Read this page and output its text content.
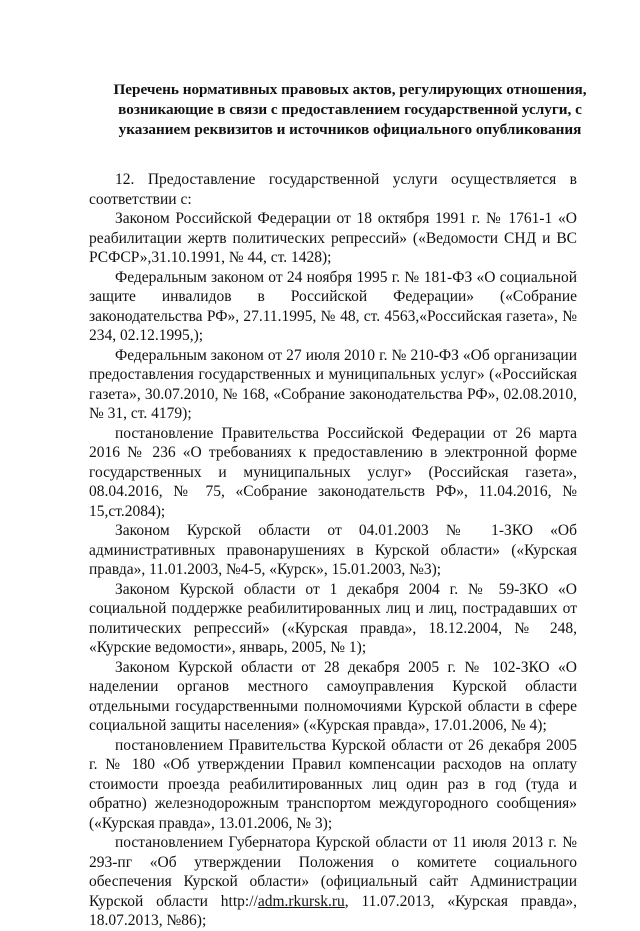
Перечень нормативных правовых актов, регулирующих отношения, возникающие в связи с предоставлением государственной услуги, с указанием реквизитов и источников официального опубликования

12. Предоставление государственной услуги осуществляется в соответствии с:

Законом Российской Федерации от 18 октября 1991 г. № 1761-1 «О реабилитации жертв политических репрессий» («Ведомости СНД и ВС РСФСР»,31.10.1991, № 44, ст. 1428);

Федеральным законом от 24 ноября 1995 г. № 181-ФЗ «О социальной защите инвалидов в Российской Федерации» («Собрание законодательства РФ», 27.11.1995, № 48, ст. 4563,«Российская газета», № 234, 02.12.1995,);

Федеральным законом от 27 июля 2010 г. № 210-ФЗ «Об организации предоставления государственных и муниципальных услуг» («Российская газета», 30.07.2010, № 168, «Собрание законодательства РФ», 02.08.2010, № 31, ст. 4179);

постановление Правительства Российской Федерации от 26 марта 2016 № 236 «О требованиях к предоставлению в электронной форме государственных и муниципальных услуг» (Российская газета», 08.04.2016, № 75, «Собрание законодательств РФ», 11.04.2016, № 15,ст.2084);

Законом Курской области от 04.01.2003 № 1-ЗКО «Об административных правонарушениях в Курской области» («Курская правда», 11.01.2003, №4-5, «Курск», 15.01.2003, №3);

Законом Курской области от 1 декабря 2004 г. № 59-ЗКО «О социальной поддержке реабилитированных лиц и лиц, пострадавших от политических репрессий» («Курская правда», 18.12.2004, № 248, «Курские ведомости», январь, 2005, № 1);

Законом Курской области от 28 декабря 2005 г. № 102-ЗКО «О наделении органов местного самоуправления Курской области отдельными государственными полномочиями Курской области в сфере социальной защиты населения» («Курская правда», 17.01.2006, № 4);

постановлением Правительства Курской области от 26 декабря 2005 г. № 180 «Об утверждении Правил компенсации расходов на оплату стоимости проезда реабилитированных лиц один раз в год (туда и обратно) железнодорожным транспортом междугородного сообщения» («Курская правда», 13.01.2006, № 3);

постановлением Губернатора Курской области от 11 июля 2013 г. № 293-пг «Об утверждении Положения о комитете социального обеспечения Курской области» (официальный сайт Администрации Курской области http://adm.rkursk.ru, 11.07.2013, «Курская правда», 18.07.2013, №86);
